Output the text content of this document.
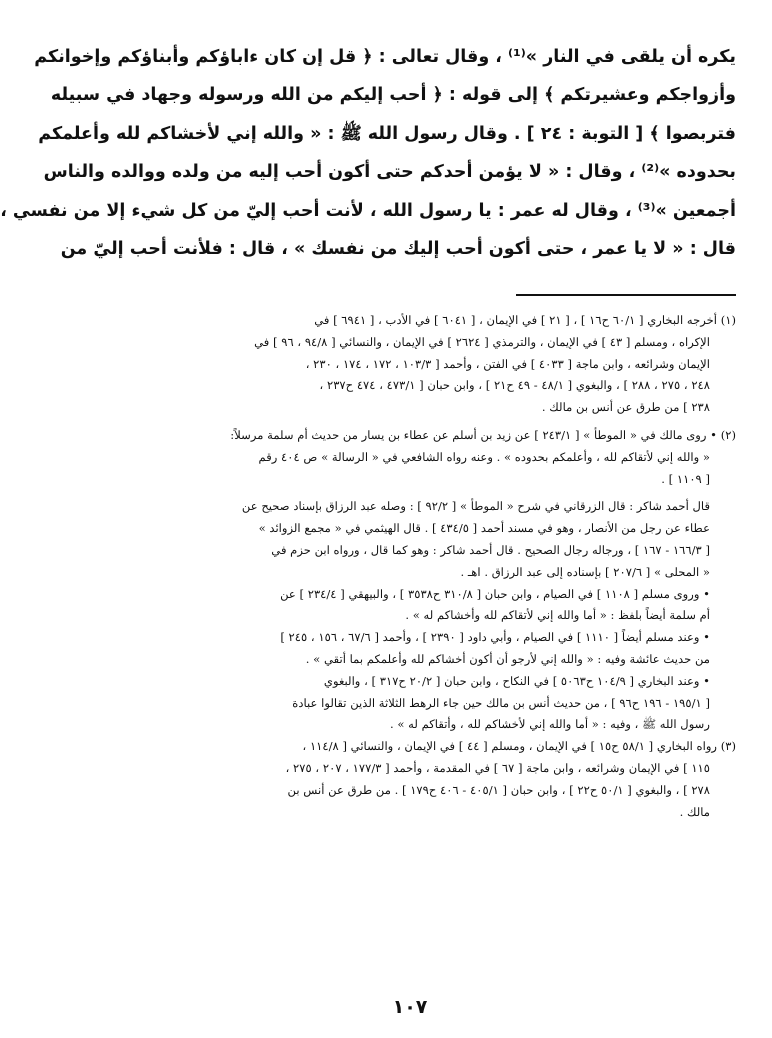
يكره أن يلقى في النار »⁽¹⁾ ، وقال تعالى : ﴿ قل إن كان ءاباؤكم وأبناؤكم وإخوانكم

وأزواجكم وعشيرتكم ﴾ إلى قوله : ﴿ أحب إليكم من الله ورسوله وجهاد في سبيله

فتربصوا ﴾ [ التوبة : ٢٤ ] . وقال رسول الله ﷺ : « والله إني لأخشاكم لله وأعلمكم

بحدوده »⁽²⁾ ، وقال : « لا يؤمن أحدكم حتى أكون أحب إليه من ولده ووالده والناس

أجمعين »⁽³⁾ ، وقال له عمر : يا رسول الله ، لأنت أحب إليّ من كل شيء إلا من نفسي ،

قال : « لا يا عمر ، حتى أكون أحب إليك من نفسك » ، قال : فلأنت أحب إليّ من

(١) أخرجه البخاري [ ٦٠/١ ح١٦ ] ، [ ٢١ ] في الإيمان ، [ ٦٠٤١ ] في الأدب ، [ ٦٩٤١ ] في

الإكراه ، ومسلم [ ٤٣ ] في الإيمان ، والترمذي [ ٢٦٢٤ ] في الإيمان ، والنسائي [ ٩٤/٨ ، ٩٦ ] في

الإيمان وشرائعه ، وابن ماجة [ ٤٠٣٣ ] في الفتن ، وأحمد [ ١٠٣/٣ ، ١٧٢ ، ١٧٤ ، ٢٣٠ ،

٢٤٨ ، ٢٧٥ ، ٢٨٨ ] ، والبغوي [ ٤٨/١ - ٤٩ ح٢١ ] ، وابن حبان [ ٤٧٣/١ ، ٤٧٤ ح٢٣٧ ،

٢٣٨ ] من طرق عن أنس بن مالك .

(٢) • روى مالك في « الموطأ » [ ٢٤٣/١ ] عن زيد بن أسلم عن عطاء بن يسار من حديث أم سلمة مرسلاً:

« والله إني لأتقاكم لله ، وأعلمكم بحدوده » . وعنه رواه الشافعي في « الرسالة » ص ٤٠٤ رقم

[ ١١٠٩ ] .

قال أحمد شاكر : قال الزرقاني في شرح « الموطأ » [ ٩٢/٢ ] : وصله عبد الرزاق بإسناد صحيح عن

عطاء عن رجل من الأنصار ، وهو في مسند أحمد [ ٤٣٤/٥ ] . قال الهيثمي في « مجمع الزوائد »

[ ١٦٦/٣ - ١٦٧ ] ، ورجاله رجال الصحيح . قال أحمد شاكر : وهو كما قال ، ورواه ابن حزم في

« المحلى » [ ٢٠٧/٦ ] بإسناده إلى عبد الرزاق . اهـ .

• وروى مسلم [ ١١٠٨ ] في الصيام ، وابن حبان [ ٣١٠/٨ ح٣٥٣٨ ] ، والبيهقي [ ٢٣٤/٤ ] عن

أم سلمة أيضاً بلفظ : « أما والله إني لأتقاكم لله وأخشاكم له » .

• وعند مسلم أيضاً [ ١١١٠ ] في الصيام ، وأبي داود [ ٢٣٩٠ ] ، وأحمد [ ٦٧/٦ ، ١٥٦ ، ٢٤٥ ]

من حديث عائشة وفيه : « والله إني لأرجو أن أكون أخشاكم لله وأعلمكم بما أتقي » .

• وعند البخاري [ ١٠٤/٩ ح٥٠٦٣ ] في النكاح ، وابن حبان [ ٢٠/٢ ح٣١٧ ] ، والبغوي

[ ١٩٥/١ - ١٩٦ ح٩٦ ] ، من حديث أنس بن مالك حين جاء الرهط الثلاثة الذين تقالوا عبادة

رسول الله ﷺ ، وفيه : « أما والله إني لأخشاكم لله ، وأتقاكم له » .

(٣) رواه البخاري [ ٥٨/١ ح١٥ ] في الإيمان ، ومسلم [ ٤٤ ] في الإيمان ، والنسائي [ ١١٤/٨ ،

١١٥ ] في الإيمان وشرائعه ، وابن ماجة [ ٦٧ ] في المقدمة ، وأحمد [ ١٧٧/٣ ، ٢٠٧ ، ٢٧٥ ،

٢٧٨ ] ، والبغوي [ ٥٠/١ ح٢٢ ] ، وابن حبان [ ٤٠٥/١ - ٤٠٦ ح١٧٩ ] . من طرق عن أنس بن

مالك .

١٠٧
